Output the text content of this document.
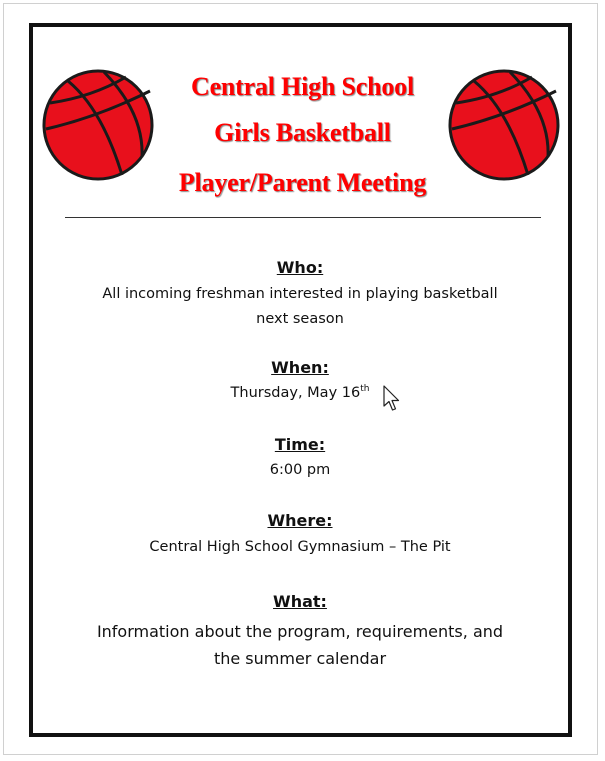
Central High School
Girls Basketball
Player/Parent Meeting
Who:
All incoming freshman interested in playing basketball
next season
When:
Thursday, May 16th
Time:
6:00 pm
Where:
Central High School Gymnasium – The Pit
What:
Information about the program, requirements, and
the summer calendar
